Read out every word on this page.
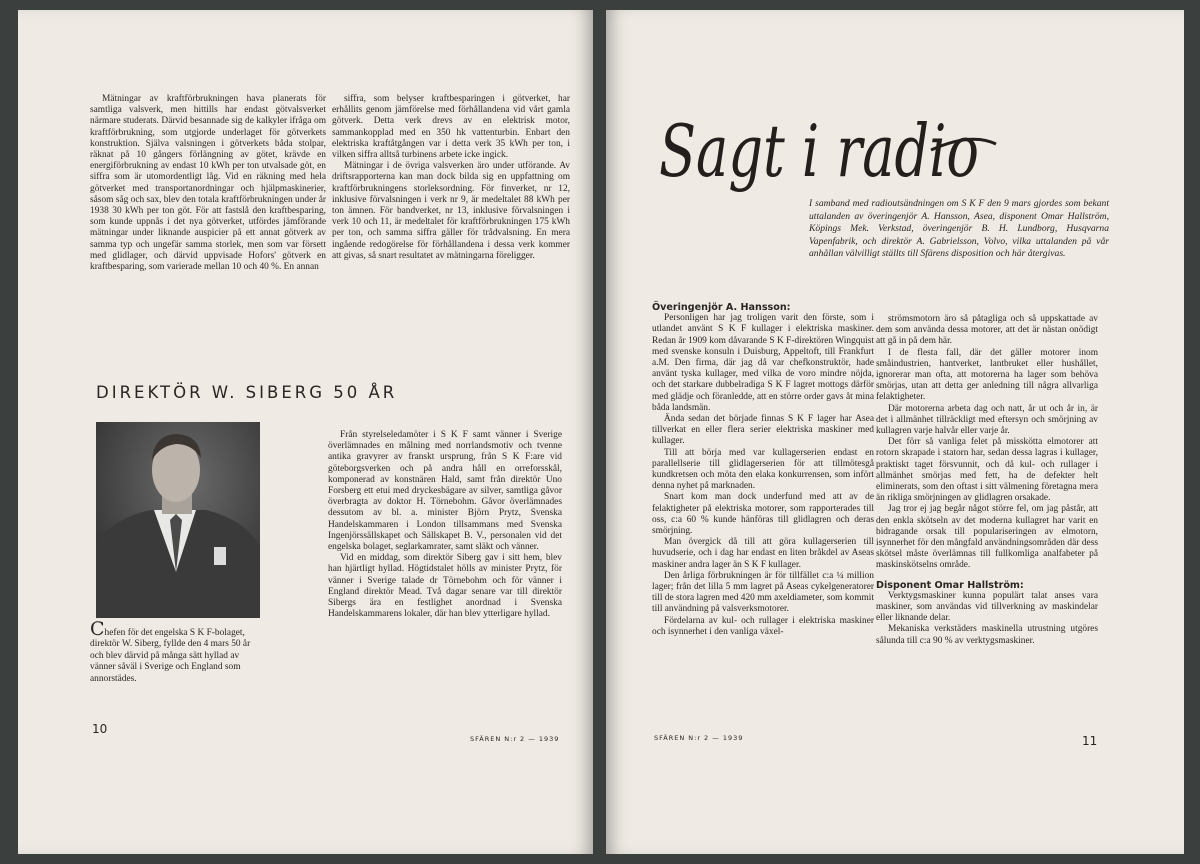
Mätningar av kraftförbrukningen hava planerats för samtliga valsverk, men hittills har endast götvalsverket närmare studerats. Därvid besannade sig de kalkyler ifråga om kraftförbrukning, som utgjorde underlaget för götverkets konstruktion. Själva valsningen i götverkets båda stolpar, räknat på 10 gångers förlängning av götet, krävde en energiförbrukning av endast 10 kWh per ton utvalsade göt, en siffra som är utomordentligt låg. Vid en räkning med hela götverket med transportanordningar och hjälpmaskinerier, såsom såg och sax, blev den totala kraftförbrukningen under år 1938 30 kWh per ton göt. För att fastslå den kraftbesparing, som kunde uppnås i det nya götverket, utfördes jämförande mätningar under liknande auspicier på ett annat götverk av samma typ och ungefär samma storlek, men som var försett med glidlager, och därvid uppvisade Hofors' götverk en kraftbesparing, som varierade mellan 10 och 40 %. En annan

siffra, som belyser kraftbesparingen i götverket, har erhållits genom jämförelse med förhållandena vid vårt gamla götverk. Detta verk drevs av en elektrisk motor, sammankopplad med en 350 hk vattenturbin. Enbart den elektriska kraftåtgången var i detta verk 35 kWh per ton, i vilken siffra alltså turbinens arbete icke ingick.

Mätningar i de övriga valsverken äro under utförande. Av driftsrapporterna kan man dock bilda sig en uppfattning om kraftförbrukningens storleksordning. För finverket, nr 12, inklusive förvalsningen i verk nr 9, är medeltalet 88 kWh per ton ämnen. För bandverket, nr 13, inklusive förvalsningen i verk 10 och 11, är medeltalet för kraftförbrukningen 175 kWh per ton, och samma siffra gäller för trådvalsning. En mera ingående redogörelse för förhållandena i dessa verk kommer att givas, så snart resultatet av mätningarna föreligger.

DIREKTÖR W. SIBERG 50 ÅR

Chefen för det engelska S K F-bolaget, direktör W. Siberg, fyllde den 4 mars 50 år och blev därvid på många sätt hyllad av vänner såväl i Sverige och England som annorstädes.

Från styrelseledamöter i S K F samt vänner i Sverige överlämnades en målning med norrlandsmotiv och tvenne antika gravyrer av franskt ursprung, från S K F:are vid göteborgsverken och på andra håll en orreforsskål, komponerad av konstnären Hald, samt från direktör Uno Forsberg ett etui med dryckesbägare av silver, samtliga gåvor överbragta av doktor H. Törnebohm. Gåvor överlämnades dessutom av bl. a. minister Björn Prytz, Svenska Handelskammaren i London tillsammans med Svenska Ingenjörssällskapet och Sällskapet B. V., personalen vid det engelska bolaget, seglarkamrater, samt släkt och vänner.

Vid en middag, som direktör Siberg gav i sitt hem, blev han hjärtligt hyllad. Högtidstalet hölls av minister Prytz, för vänner i Sverige talade dr Törnebohm och för vänner i England direktör Mead. Två dagar senare var till direktör Sibergs ära en festlighet anordnad i Svenska Handelskammarens lokaler, där han blev ytterligare hyllad.

10
SFÄREN N:r 2 — 1939
Sagt i radio
I samband med radioutsändningen om S K F den 9 mars gjordes som bekant uttalanden av överingenjör A. Hansson, Asea, disponent Omar Hallström, Köpings Mek. Verkstad, överingenjör B. H. Lundborg, Husqvarna Vapenfabrik, och direktör A. Gabrielsson, Volvo, vilka uttalanden på vår anhållan välvilligt ställts till Sfärens disposition och här återgivas.

Överingenjör A. Hansson:

Personligen har jag troligen varit den förste, som i utlandet använt S K F kullager i elektriska maskiner. Redan år 1909 kom dåvarande S K F-direktören Wingquist med svenske konsuln i Duisburg, Appeltoft, till Frankfurt a.M. Den firma, där jag då var chefkonstruktör, hade använt tyska kullager, med vilka de voro mindre nöjda, och det starkare dubbelradiga S K F lagret mottogs därför med glädje och föranledde, att en större order gavs åt mina båda landsmän.

Ända sedan det började finnas S K F lager har Asea tillverkat en eller flera serier elektriska maskiner med kullager.

Till att börja med var kullagerserien endast en parallellserie till glidlagerserien för att tillmötesgå kundkretsen och möta den elaka konkurrensen, som infört denna nyhet på marknaden.

Snart kom man dock underfund med att av de felaktigheter på elektriska motorer, som rapporterades till oss, c:a 60 % kunde hänföras till glidlagren och deras smörjning.

Man övergick då till att göra kullagerserien till huvudserie, och i dag har endast en liten bråkdel av Aseas maskiner andra lager än S K F kullager.

Den årliga förbrukningen är för tillfället c:a ¼ million lager; från det lilla 5 mm lagret på Aseas cykelgeneratorer till de stora lagren med 420 mm axeldiameter, som kommit till användning på valsverksmotorer.

Fördelarna av kul- och rullager i elektriska maskiner och isynnerhet i den vanliga växel-

strömsmotorn äro så påtagliga och så uppskattade av dem som använda dessa motorer, att det är nästan onödigt att gå in på dem här.

I de flesta fall, där det gäller motorer inom småindustrien, hantverket, lantbruket eller hushållet, ignorerar man ofta, att motorerna ha lager som behöva smörjas, utan att detta ger anledning till några allvarliga felaktigheter.

Där motorerna arbeta dag och natt, år ut och år in, är det i allmänhet tillräckligt med eftersyn och smörjning av kullagren varje halvår eller varje år.

Det förr så vanliga felet på misskötta elmotorer att rotorn skrapade i statorn har, sedan dessa lagras i kullager, praktiskt taget försvunnit, och då kul- och rullager i allmänhet smörjas med fett, ha de defekter helt eliminerats, som den oftast i sitt välmening företagna mera än rikliga smörjningen av glidlagren orsakade.

Jag tror ej jag begår något större fel, om jag påstår, att den enkla skötseln av det moderna kullagret har varit en bidragande orsak till populariseringen av elmotorn, isynnerhet för den mångfald användningsområden där dess skötsel måste överlämnas till fullkomliga analfabeter på maskinskötselns område.

Disponent Omar Hallström:

Verktygsmaskiner kunna populärt talat anses vara maskiner, som användas vid tillverkning av maskindelar eller liknande delar.

Mekaniska verkstäders maskinella utrustning utgöres sålunda till c:a 90 % av verktygsmaskiner.

SFÄREN N:r 2 — 1939	11
